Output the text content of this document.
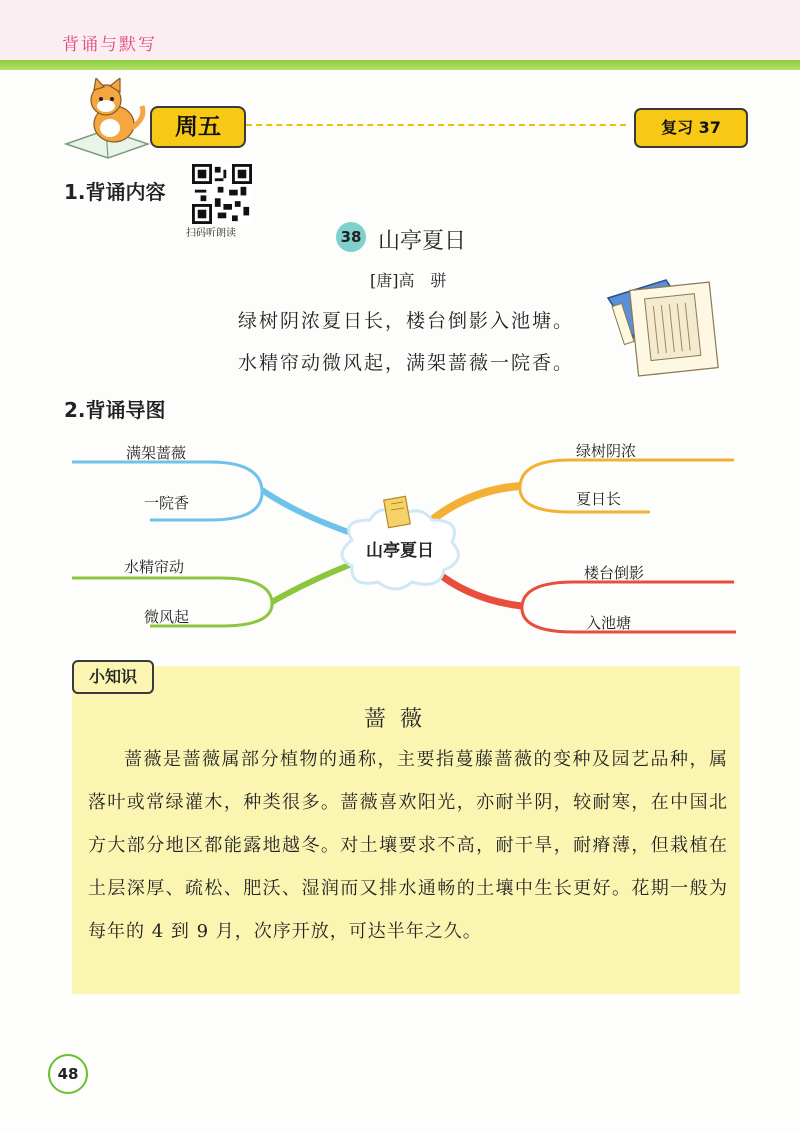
背诵与默写
周五	复习 37
1.背诵内容
扫码听朗读	38 山亭夏日
[唐]高　骈
绿树阴浓夏日长，楼台倒影入池塘。
水精帘动微风起，满架蔷薇一院香。
2.背诵导图
山亭夏日
满架蔷薇
一院香
水精帘动
微风起
绿树阴浓
夏日长
楼台倒影
入池塘
小知识
蔷薇
蔷薇是蔷薇属部分植物的通称，主要指蔓藤蔷薇的变种及园艺品种，属落叶或常绿灌木，种类很多。蔷薇喜欢阳光，亦耐半阴，较耐寒，在中国北方大部分地区都能露地越冬。对土壤要求不高，耐干旱，耐瘠薄，但栽植在土层深厚、疏松、肥沃、湿润而又排水通畅的土壤中生长更好。花期一般为每年的 4 到 9 月，次序开放，可达半年之久。
48
